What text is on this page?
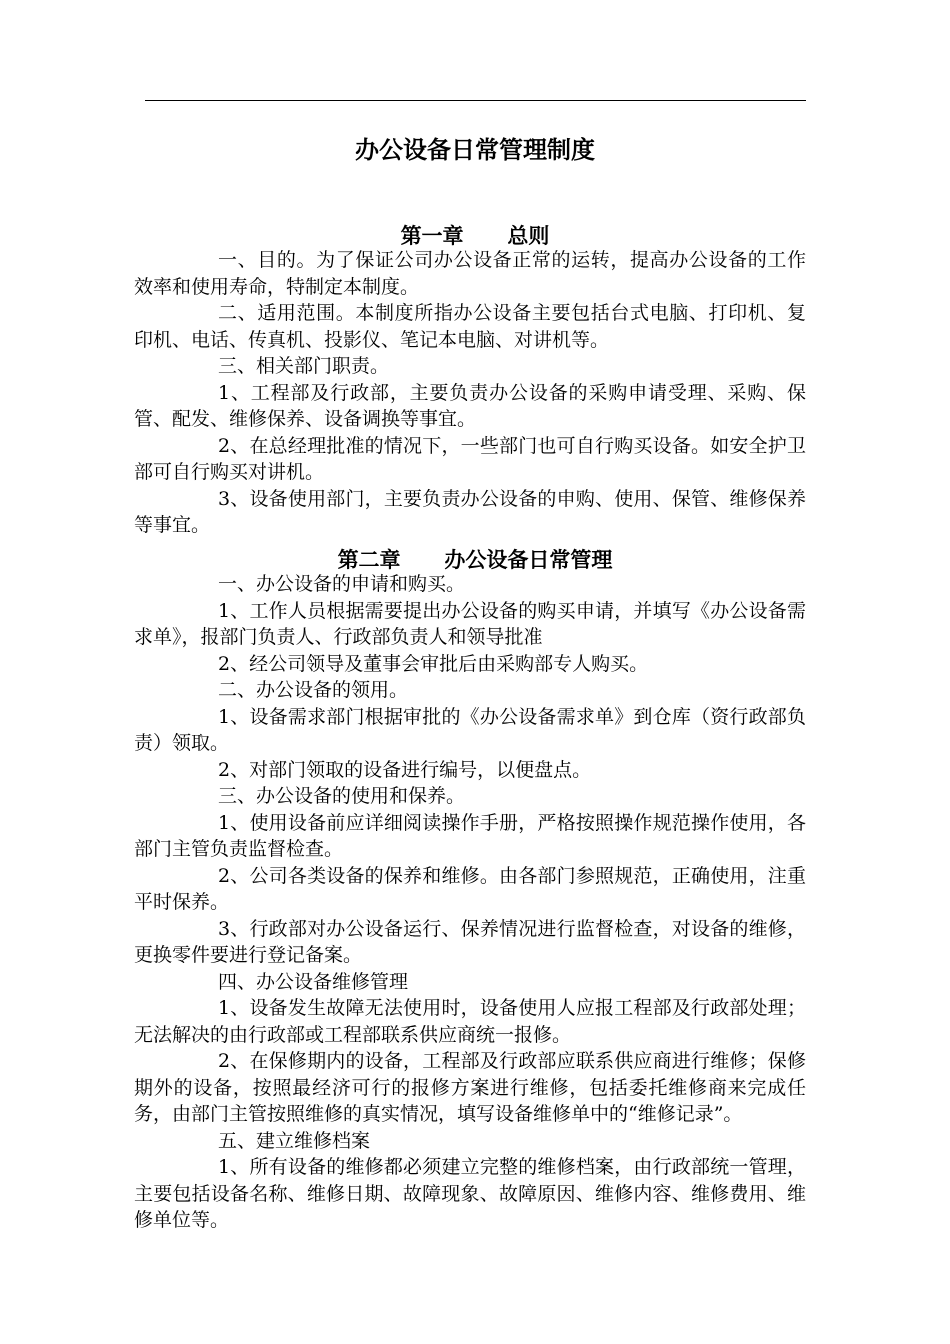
办公设备日常管理制度
第一章      总则

一、目的。为了保证公司办公设备正常的运转，提高办公设备的工作效率和使用寿命，特制定本制度。

二、适用范围。本制度所指办公设备主要包括台式电脑、打印机、复印机、电话、传真机、投影仪、笔记本电脑、对讲机等。

三、相关部门职责。

1、工程部及行政部，主要负责办公设备的采购申请受理、采购、保管、配发、维修保养、设备调换等事宜。

2、在总经理批准的情况下，一些部门也可自行购买设备。如安全护卫部可自行购买对讲机。

3、设备使用部门，主要负责办公设备的申购、使用、保管、维修保养等事宜。

第二章      办公设备日常管理

一、办公设备的申请和购买。

1、工作人员根据需要提出办公设备的购买申请，并填写《办公设备需求单》，报部门负责人、行政部负责人和领导批准

2、经公司领导及董事会审批后由采购部专人购买。

二、办公设备的领用。

1、设备需求部门根据审批的《办公设备需求单》到仓库（资行政部负责）领取。

2、对部门领取的设备进行编号，以便盘点。

三、办公设备的使用和保养。

1、使用设备前应详细阅读操作手册，严格按照操作规范操作使用，各部门主管负责监督检查。

2、公司各类设备的保养和维修。由各部门参照规范，正确使用，注重平时保养。

3、行政部对办公设备运行、保养情况进行监督检查，对设备的维修，更换零件要进行登记备案。

四、办公设备维修管理

1、设备发生故障无法使用时，设备使用人应报工程部及行政部处理；无法解决的由行政部或工程部联系供应商统一报修。

2、在保修期内的设备，工程部及行政部应联系供应商进行维修；保修期外的设备，按照最经济可行的报修方案进行维修，包括委托维修商来完成任务，由部门主管按照维修的真实情况，填写设备维修单中的“维修记录”。

五、建立维修档案

1、所有设备的维修都必须建立完整的维修档案，由行政部统一管理，主要包括设备名称、维修日期、故障现象、故障原因、维修内容、维修费用、维修单位等。
